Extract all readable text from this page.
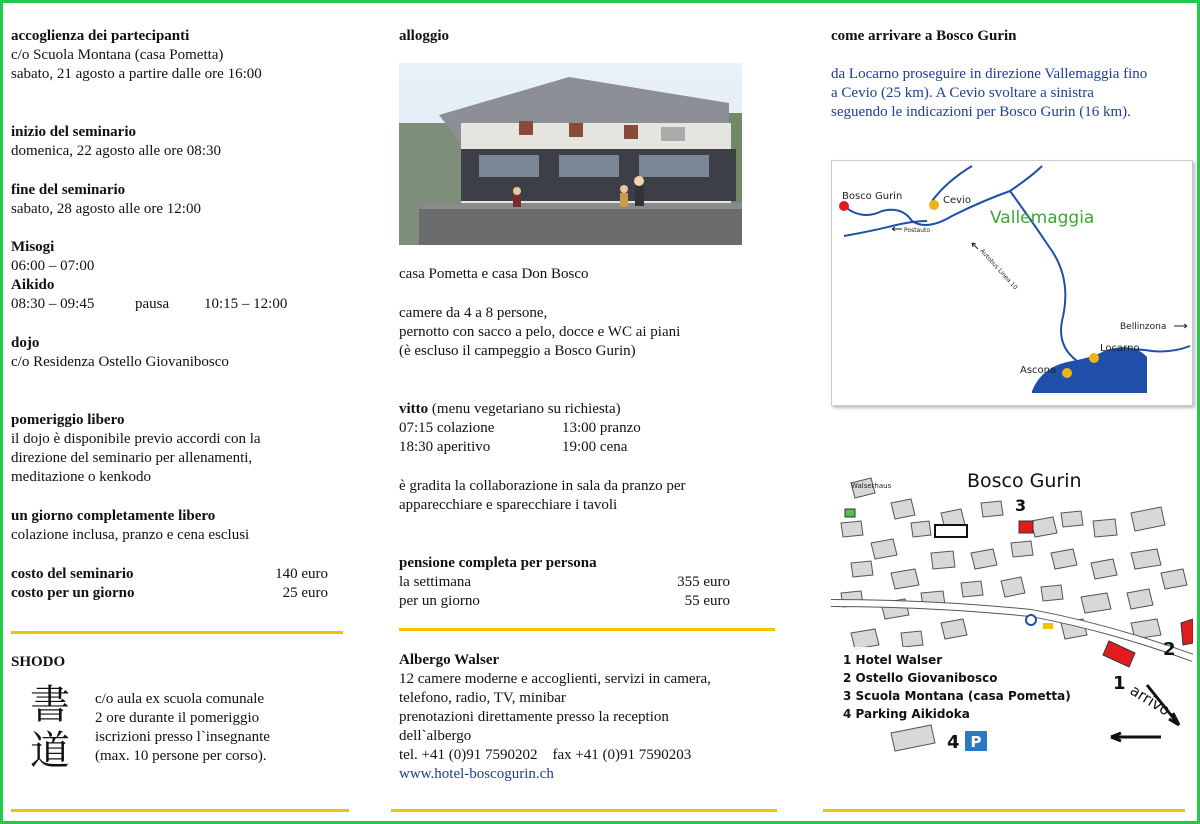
accoglienza dei partecipanti
c/o Scuola Montana (casa Pometta)
sabato, 21 agosto a partire dalle ore 16:00
inizio del seminario
domenica, 22 agosto alle ore 08:30
fine del seminario
sabato, 28 agosto alle ore 12:00
Misogi
06:00 – 07:00
Aikido
08:30 – 09:45	pausa 10:15 – 12:00
dojo
c/o Residenza Ostello Giovanibosco
pomeriggio libero
il dojo è disponibile previo accordi con la
direzione del seminario per allenamenti,
meditazione o kenkodo
un giorno completamente libero
colazione inclusa, pranzo e cena esclusi
costo del seminario	140 euro
costo per un giorno	25 euro
SHODO
書
道
c/o aula ex scuola comunale
2 ore durante il pomeriggio
iscrizioni presso l`insegnante
(max. 10 persone per corso).
alloggio
casa Pometta e casa Don Bosco
camere da 4 a 8 persone,
pernotto con sacco a pelo, docce e WC ai piani
(è escluso il campeggio a Bosco Gurin)
vitto (menu vegetariano su richiesta)
07:15 colazione	13:00 pranzo
18:30 aperitivo	19:00 cena
è gradita la collaborazione in sala da pranzo per
apparecchiare e sparecchiare i tavoli
pensione completa per persona
la settimana	355 euro
per un giorno	55 euro
Albergo Walser
12 camere moderne e accoglienti, servizi in camera,
telefono, radio, TV, minibar
prenotazioni direttamente presso la reception
dell`albergo
tel. +41 (0)91 7590202    fax +41 (0)91 7590203
www.hotel-boscogurin.ch
come arrivare a Bosco Gurin
da Locarno proseguire in direzione Vallemaggia fino
a Cevio (25 km). A Cevio svoltare a sinistra
seguendo le indicazioni per Bosco Gurin (16 km).
Bosco Gurin	Cevio
Vallemaggia
Postauto
Autobus Linea 10
Bellinzona
Locarno
Ascona
Bosco Gurin
Walserhaus
3
2
1 arrivo
1 Hotel Walser
2 Ostello Giovanibosco
3 Scuola Montana (casa Pometta)
4 Parking Aikidoka
4 P
